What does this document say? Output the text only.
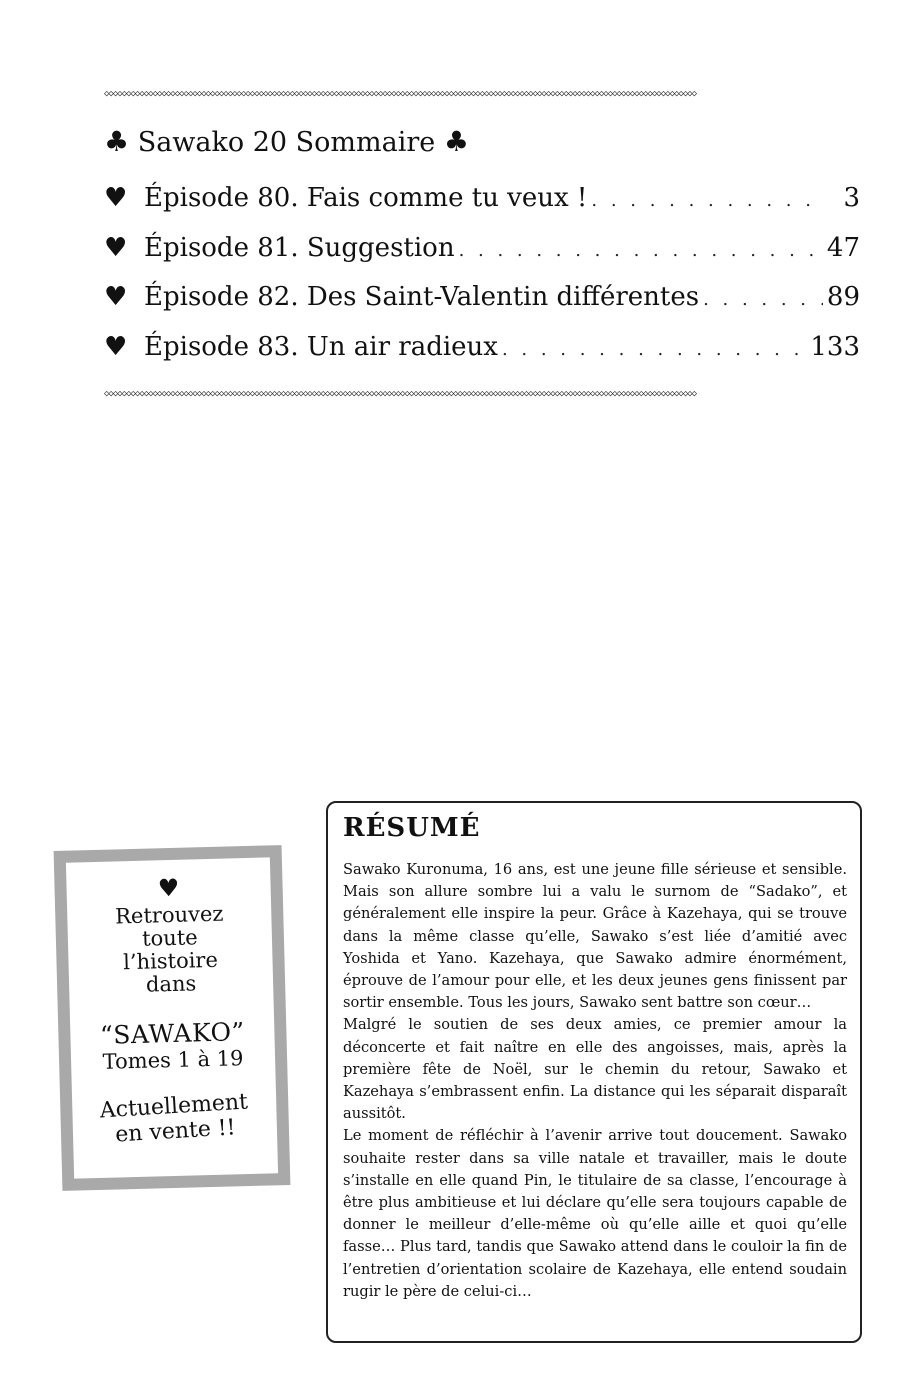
◇◇◇◇◇◇◇◇◇◇◇◇◇◇◇◇◇◇◇◇◇◇◇◇◇◇◇◇◇◇◇◇◇◇◇◇◇◇◇◇◇◇◇◇◇◇◇◇◇◇◇◇◇◇◇◇◇◇◇◇◇◇◇◇◇◇◇◇◇◇◇◇◇◇◇◇◇◇◇◇◇◇◇◇◇◇◇◇◇◇◇◇◇◇◇◇◇◇◇◇◇◇◇◇◇◇◇◇◇◇◇◇◇◇◇◇◇◇◇◇◇◇◇◇◇◇◇◇◇◇◇◇◇◇
♣ Sawako 20 Sommaire ♣
♥ Épisode 80. Fais comme tu veux ! . . .	3
♥ Épisode 81. Suggestion . . .	47
♥ Épisode 82. Des Saint-Valentin différentes . . .	89
♥ Épisode 83. Un air radieux . . .	133
◇◇◇◇◇◇◇◇◇◇◇◇◇◇◇◇◇◇◇◇◇◇◇◇◇◇◇◇◇◇◇◇◇◇◇◇◇◇◇◇◇◇◇◇◇◇◇◇◇◇◇◇◇◇◇◇◇◇◇◇◇◇◇◇◇◇◇◇◇◇◇◇◇◇◇◇◇◇◇◇◇◇◇◇◇◇◇◇◇◇◇◇◇◇◇◇◇◇◇◇◇◇◇◇◇◇◇◇◇◇◇◇◇◇◇◇◇◇◇◇◇◇◇◇◇◇◇◇◇◇◇◇◇◇
♥
Retrouvez
toute
l’histoire
dans
“SAWAKO”
Tomes 1 à 19
Actuellement
en vente !!
RÉSUMÉ

Sawako Kuronuma, 16 ans, est une jeune fille sérieuse et sensible. Mais son allure sombre lui a valu le surnom de “Sadako”, et généralement elle inspire la peur. Grâce à Kazehaya, qui se trouve dans la même classe qu’elle, Sawako s’est liée d’amitié avec Yoshida et Yano. Kazehaya, que Sawako admire énormément, éprouve de l’amour pour elle, et les deux jeunes gens finissent par sortir ensemble. Tous les jours, Sawako sent battre son cœur…

Malgré le soutien de ses deux amies, ce premier amour la déconcerte et fait naître en elle des angoisses, mais, après la première fête de Noël, sur le chemin du retour, Sawako et Kazehaya s’embrassent enfin. La distance qui les séparait disparaît aussitôt.

Le moment de réfléchir à l’avenir arrive tout doucement. Sawako souhaite rester dans sa ville natale et travailler, mais le doute s’installe en elle quand Pin, le titulaire de sa classe, l’encourage à être plus ambitieuse et lui déclare qu’elle sera toujours capable de donner le meilleur d’elle-même où qu’elle aille et quoi qu’elle fasse… Plus tard, tandis que Sawako attend dans le couloir la fin de l’entretien d’orientation scolaire de Kazehaya, elle entend soudain rugir le père de celui-ci…
